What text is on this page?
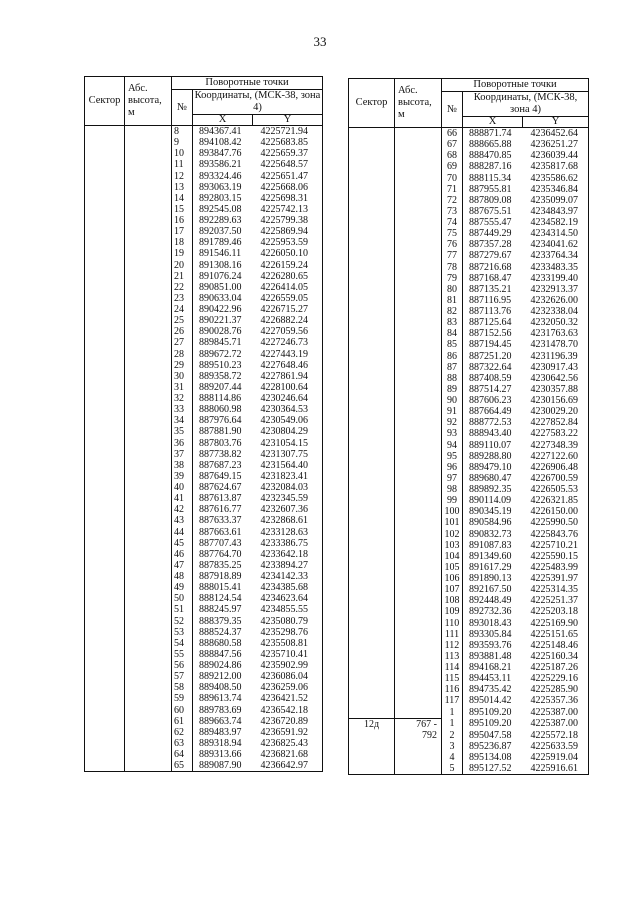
33
Сектор	Абс. высота, м	Поворотные точки		
		№	Координаты, (МСК-38, зона 4)	
			X	Y

		8	894367.41	4225721.94
		9	894108.42	4225683.85
		10	893847.76	4225659.37
		11	893586.21	4225648.57
		12	893324.46	4225651.47
		13	893063.19	4225668.06
		14	892803.15	4225698.31
		15	892545.08	4225742.13
		16	892289.63	4225799.38
		17	892037.50	4225869.94
		18	891789.46	4225953.59
		19	891546.11	4226050.10
		20	891308.16	4226159.24
		21	891076.24	4226280.65
		22	890851.00	4226414.05
		23	890633.04	4226559.05
		24	890422.96	4226715.27
		25	890221.37	4226882.24
		26	890028.76	4227059.56
		27	889845.71	4227246.73
		28	889672.72	4227443.19
		29	889510.23	4227648.46
		30	889358.72	4227861.94
		31	889207.44	4228100.64
		32	888114.86	4230246.64
		33	888060.98	4230364.53
		34	887976.64	4230549.06
		35	887881.90	4230804.29
		36	887803.76	4231054.15
		37	887738.82	4231307.75
		38	887687.23	4231564.40
		39	887649.15	4231823.41
		40	887624.67	4232084.03
		41	887613.87	4232345.59
		42	887616.77	4232607.36
		43	887633.37	4232868.61
		44	887663.61	4233128.63
		45	887707.43	4233386.75
		46	887764.70	4233642.18
		47	887835.25	4233894.27
		48	887918.89	4234142.33
		49	888015.41	4234385.68
		50	888124.54	4234623.64
		51	888245.97	4234855.55
		52	888379.35	4235080.79
		53	888524.37	4235298.76
		54	888680.58	4235508.81
		55	888847.56	4235710.41
		56	889024.86	4235902.99
		57	889212.00	4236086.04
		58	889408.50	4236259.06
		59	889613.74	4236421.52
		60	889783.69	4236542.18
		61	889663.74	4236720.89
		62	889483.97	4236591.92
		63	889318.94	4236825.43
		64	889313.66	4236821.68
		65	889087.90	4236642.97
Сектор	Абс. высота, м	Поворотные точки		
		№	Координаты, (МСК-38, зона 4)	
			X	Y

		66	888871.74	4236452.64
		67	888665.88	4236251.27
		68	888470.85	4236039.44
		69	888287.16	4235817.68
		70	888115.34	4235586.62
		71	887955.81	4235346.84
		72	887809.08	4235099.07
		73	887675.51	4234843.97
		74	887555.47	4234582.19
		75	887449.29	4234314.50
		76	887357.28	4234041.62
		77	887279.67	4233764.34
		78	887216.68	4233483.35
		79	887168.47	4233199.40
		80	887135.21	4232913.37
		81	887116.95	4232626.00
		82	887113.76	4232338.04
		83	887125.64	4232050.32
		84	887152.56	4231763.63
		85	887194.45	4231478.70
		86	887251.20	4231196.39
		87	887322.64	4230917.43
		88	887408.59	4230642.56
		89	887514.27	4230357.88
		90	887606.23	4230156.69
		91	887664.49	4230029.20
		92	888772.53	4227852.84
		93	888943.40	4227583.22
		94	889110.07	4227348.39
		95	889288.80	4227122.60
		96	889479.10	4226906.48
		97	889680.47	4226700.59
		98	889892.35	4226505.53
		99	890114.09	4226321.85
		100	890345.19	4226150.00
		101	890584.96	4225990.50
		102	890832.73	4225843.76
		103	891087.83	4225710.21
		104	891349.60	4225590.15
		105	891617.29	4225483.99
		106	891890.13	4225391.97
		107	892167.50	4225314.35
		108	892448.49	4225251.37
		109	892732.36	4225203.18
		110	893018.43	4225169.90
		111	893305.84	4225151.65
		112	893593.76	4225148.46
		113	893881.48	4225160.34
		114	894168.21	4225187.26
		115	894453.11	4225229.16
		116	894735.42	4225285.90
		117	895014.42	4225357.36
		1	895109.20	4225387.00
12д	767 -	1	895109.20	4225387.00
	792	2	895047.58	4225572.18
		3	895236.87	4225633.59
		4	895134.08	4225919.04
		5	895127.52	4225916.61
